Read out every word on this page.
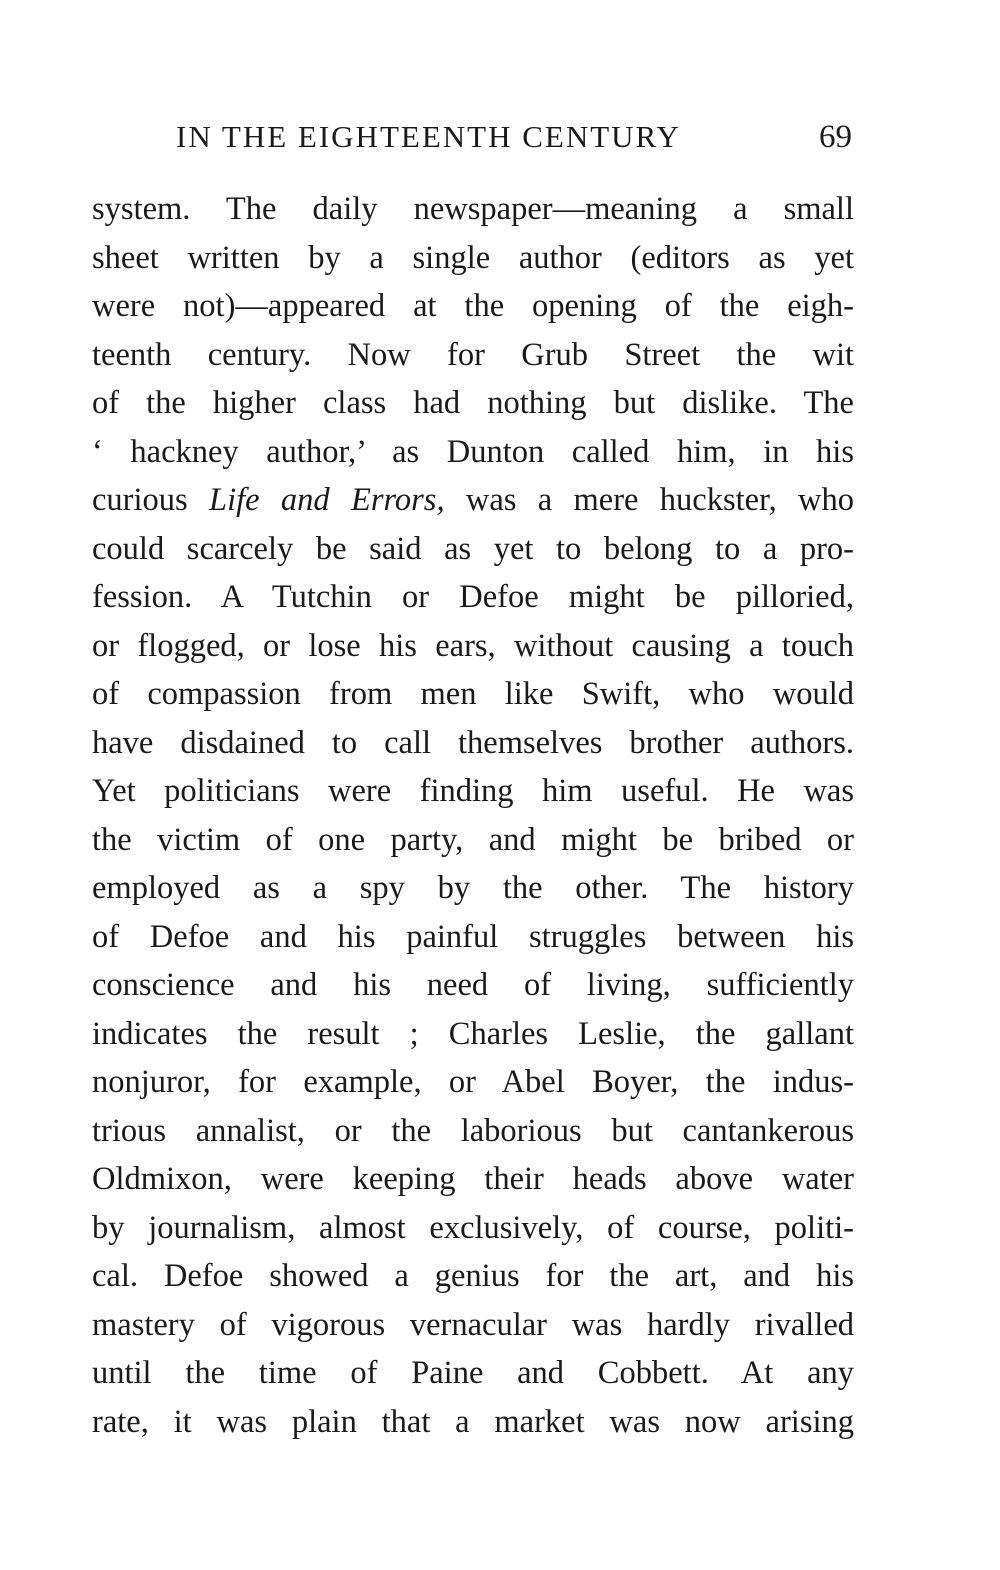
IN THE EIGHTEENTH CENTURY	69
system. The daily newspaper—meaning a small
sheet written by a single author (editors as yet
were not)—appeared at the opening of the eigh-
teenth century. Now for Grub Street the wit
of the higher class had nothing but dislike. The
‘ hackney author,’ as Dunton called him, in his
curious Life and Errors, was a mere huckster, who
could scarcely be said as yet to belong to a pro-
fession. A Tutchin or Defoe might be pilloried,
or flogged, or lose his ears, without causing a touch
of compassion from men like Swift, who would
have disdained to call themselves brother authors.
Yet politicians were finding him useful. He was
the victim of one party, and might be bribed or
employed as a spy by the other. The history
of Defoe and his painful struggles between his
conscience and his need of living, sufficiently
indicates the result ; Charles Leslie, the gallant
nonjuror, for example, or Abel Boyer, the indus-
trious annalist, or the laborious but cantankerous
Oldmixon, were keeping their heads above water
by journalism, almost exclusively, of course, politi-
cal. Defoe showed a genius for the art, and his
mastery of vigorous vernacular was hardly rivalled
until the time of Paine and Cobbett. At any
rate, it was plain that a market was now arising
